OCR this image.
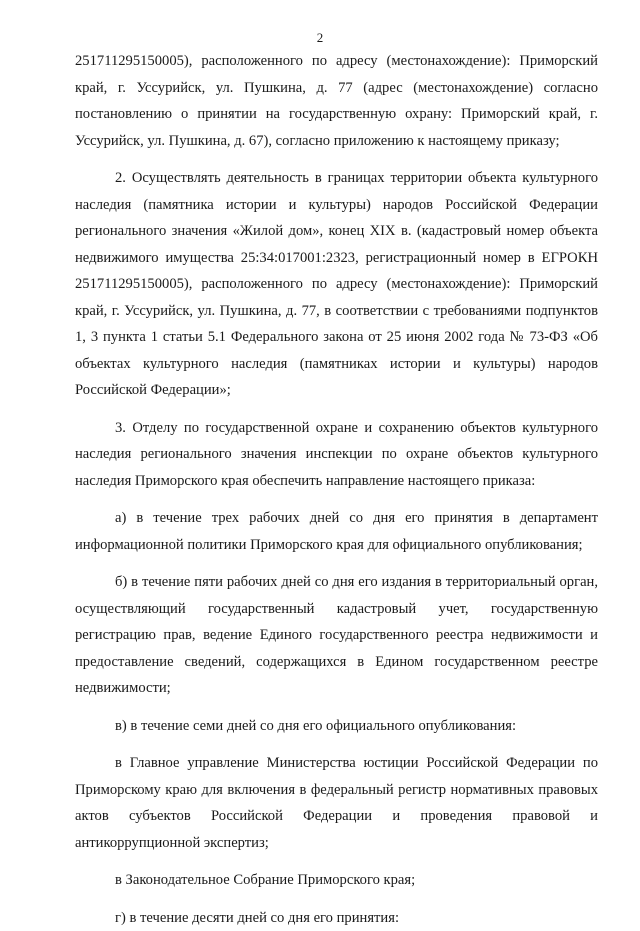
2

251711295150005), расположенного по адресу (местонахождение): Приморский край, г. Уссурийск, ул. Пушкина, д. 77 (адрес (местонахождение) согласно постановлению о принятии на государственную охрану: Приморский край, г. Уссурийск, ул. Пушкина, д. 67), согласно приложению к настоящему приказу;

2. Осуществлять деятельность в границах территории объекта культурного наследия (памятника истории и культуры) народов Российской Федерации регионального значения «Жилой дом», конец XIX в. (кадастровый номер объекта недвижимого имущества 25:34:017001:2323, регистрационный номер в ЕГРОКН 251711295150005), расположенного по адресу (местонахождение): Приморский край, г. Уссурийск, ул. Пушкина, д. 77, в соответствии с требованиями подпунктов 1, 3 пункта 1 статьи 5.1 Федерального закона от 25 июня 2002 года № 73-ФЗ «Об объектах культурного наследия (памятниках истории и культуры) народов Российской Федерации»;

3. Отделу по государственной охране и сохранению объектов культурного наследия регионального значения инспекции по охране объектов культурного наследия Приморского края обеспечить направление настоящего приказа:

а) в течение трех рабочих дней со дня его принятия в департамент информационной политики Приморского края для официального опубликования;

б) в течение пяти рабочих дней со дня его издания в территориальный орган, осуществляющий государственный кадастровый учет, государственную регистрацию прав, ведение Единого государственного реестра недвижимости и предоставление сведений, содержащихся в Едином государственном реестре недвижимости;

в) в течение семи дней со дня его официального опубликования:

в Главное управление Министерства юстиции Российской Федерации по Приморскому краю для включения в федеральный регистр нормативных правовых актов субъектов Российской Федерации и проведения правовой и антикоррупционной экспертиз;

в Законодательное Собрание Приморского края;

г) в течение десяти дней со дня его принятия:
